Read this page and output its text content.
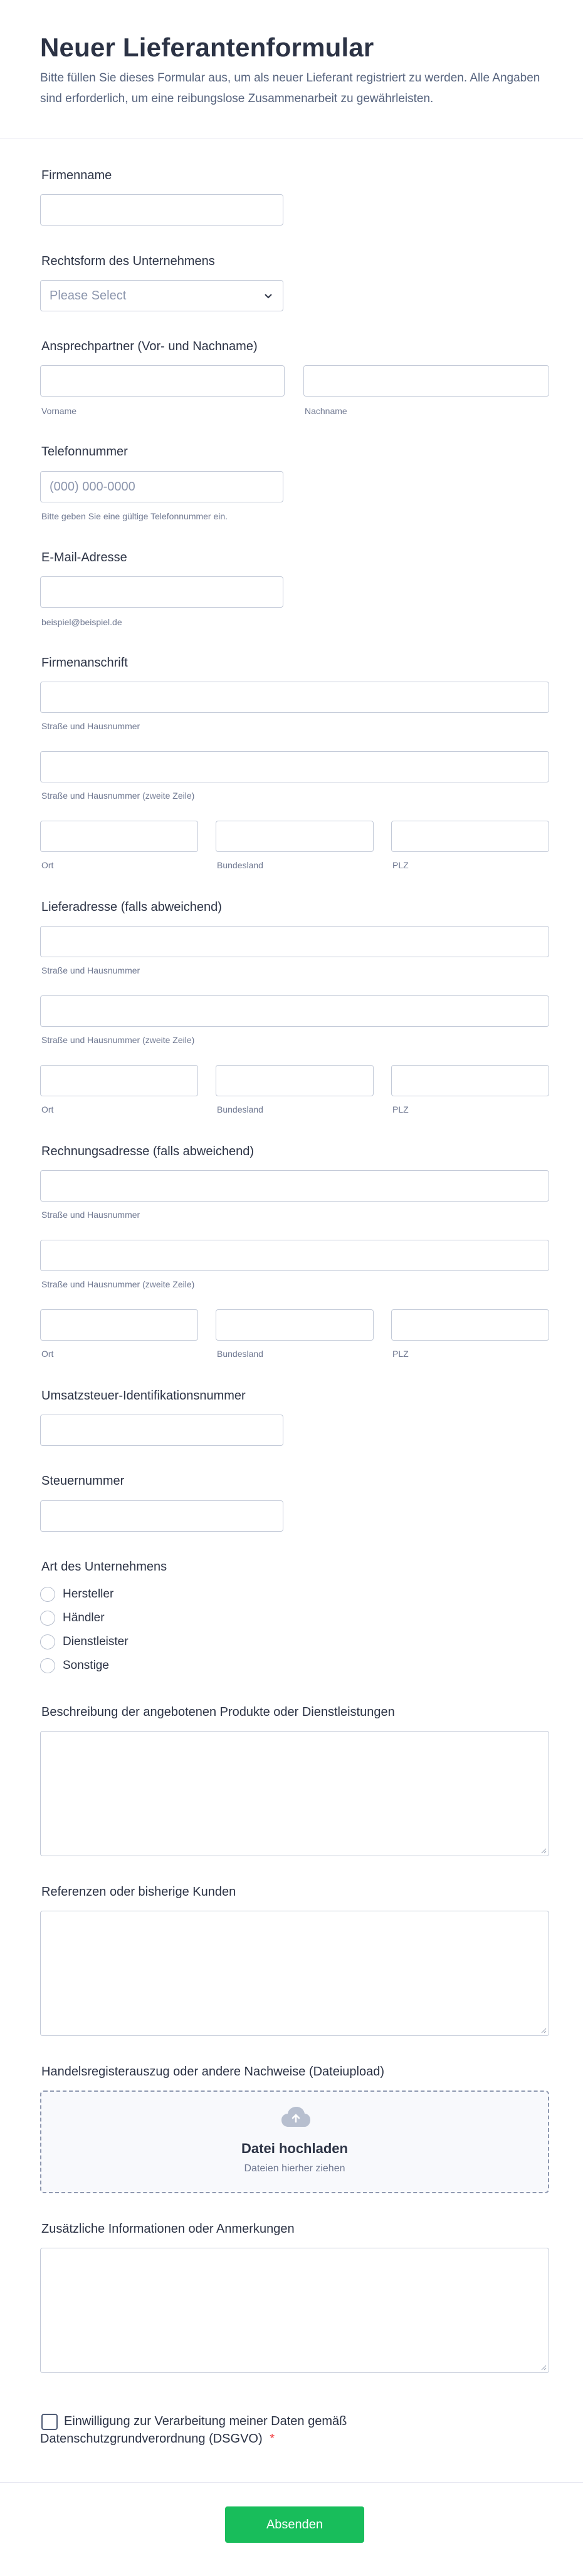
Neuer Lieferantenformular
Bitte füllen Sie dieses Formular aus, um als neuer Lieferant registriert zu werden. Alle Angaben sind erforderlich, um eine reibungslose Zusammenarbeit zu gewährleisten.
Firmenname
Rechtsform des Unternehmens
Please Select
Ansprechpartner (Vor- und Nachname)
Vorname	Nachname
Telefonnummer
(000) 000-0000
Bitte geben Sie eine gültige Telefonnummer ein.
E-Mail-Adresse
beispiel@beispiel.de
Firmenanschrift
Straße und Hausnummer
Straße und Hausnummer (zweite Zeile)
Ort	Bundesland	PLZ
Lieferadresse (falls abweichend)
Straße und Hausnummer
Straße und Hausnummer (zweite Zeile)
Ort	Bundesland	PLZ
Rechnungsadresse (falls abweichend)
Straße und Hausnummer
Straße und Hausnummer (zweite Zeile)
Ort	Bundesland	PLZ
Umsatzsteuer-Identifikationsnummer
Steuernummer
Art des Unternehmens
Hersteller
Händler
Dienstleister
Sonstige
Beschreibung der angebotenen Produkte oder Dienstleistungen
Referenzen oder bisherige Kunden
Handelsregisterauszug oder andere Nachweise (Dateiupload)
Datei hochladen
Dateien hierher ziehen
Zusätzliche Informationen oder Anmerkungen
Einwilligung zur Verarbeitung meiner Daten gemäß
Datenschutzgrundverordnung (DSGVO) *
Absenden
